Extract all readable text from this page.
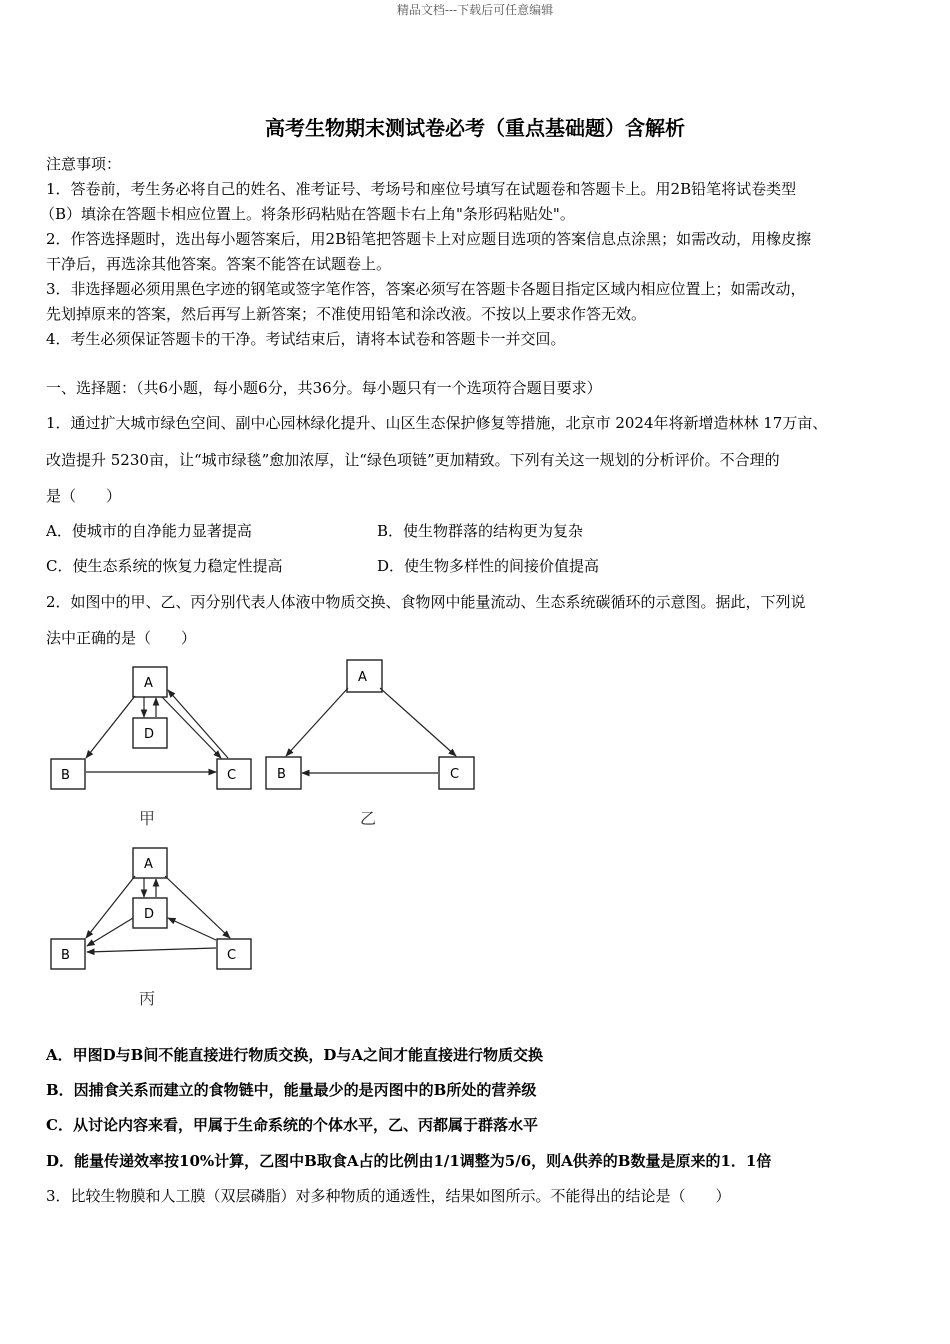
精品文档---下载后可任意编辑
高考生物期末测试卷必考（重点基础题）含解析
注意事项：
1．答卷前，考生务必将自己的姓名、准考证号、考场号和座位号填写在试题卷和答题卡上。用2B铅笔将试卷类型
（B）填涂在答题卡相应位置上。将条形码粘贴在答题卡右上角"条形码粘贴处"。
2．作答选择题时，选出每小题答案后，用2B铅笔把答题卡上对应题目选项的答案信息点涂黑；如需改动，用橡皮擦
干净后，再选涂其他答案。答案不能答在试题卷上。
3．非选择题必须用黑色字迹的钢笔或签字笔作答，答案必须写在答题卡各题目指定区域内相应位置上；如需改动，
先划掉原来的答案，然后再写上新答案；不准使用铅笔和涂改液。不按以上要求作答无效。
4．考生必须保证答题卡的干净。考试结束后，请将本试卷和答题卡一并交回。
一、选择题：（共6小题，每小题6分，共36分。每小题只有一个选项符合题目要求）
1．通过扩大城市绿色空间、副中心园林绿化提升、山区生态保护修复等措施，北京市 2024年将新增造林林 17万亩、
改造提升 5230亩，让“城市绿毯”愈加浓厚，让“绿色项链”更加精致。下列有关这一规划的分析评价。不合理的
是（　　）
A．使城市的自净能力显著提高	B．使生物群落的结构更为复杂
C．使生态系统的恢复力稳定性提高	D．使生物多样性的间接价值提高
2．如图中的甲、乙、丙分别代表人体液中物质交换、食物网中能量流动、生态系统碳循环的示意图。据此，下列说
法中正确的是（　　）
A
D
B	C
甲
A
B	C
乙
A
D
B	C
丙
A．甲图D与B间不能直接进行物质交换，D与A之间才能直接进行物质交换
B．因捕食关系而建立的食物链中，能量最少的是丙图中的B所处的营养级
C．从讨论内容来看，甲属于生命系统的个体水平，乙、丙都属于群落水平
D．能量传递效率按10%计算，乙图中B取食A占的比例由1/1调整为5/6，则A供养的B数量是原来的1．1倍
3．比较生物膜和人工膜（双层磷脂）对多种物质的通透性，结果如图所示。不能得出的结论是（　　）
